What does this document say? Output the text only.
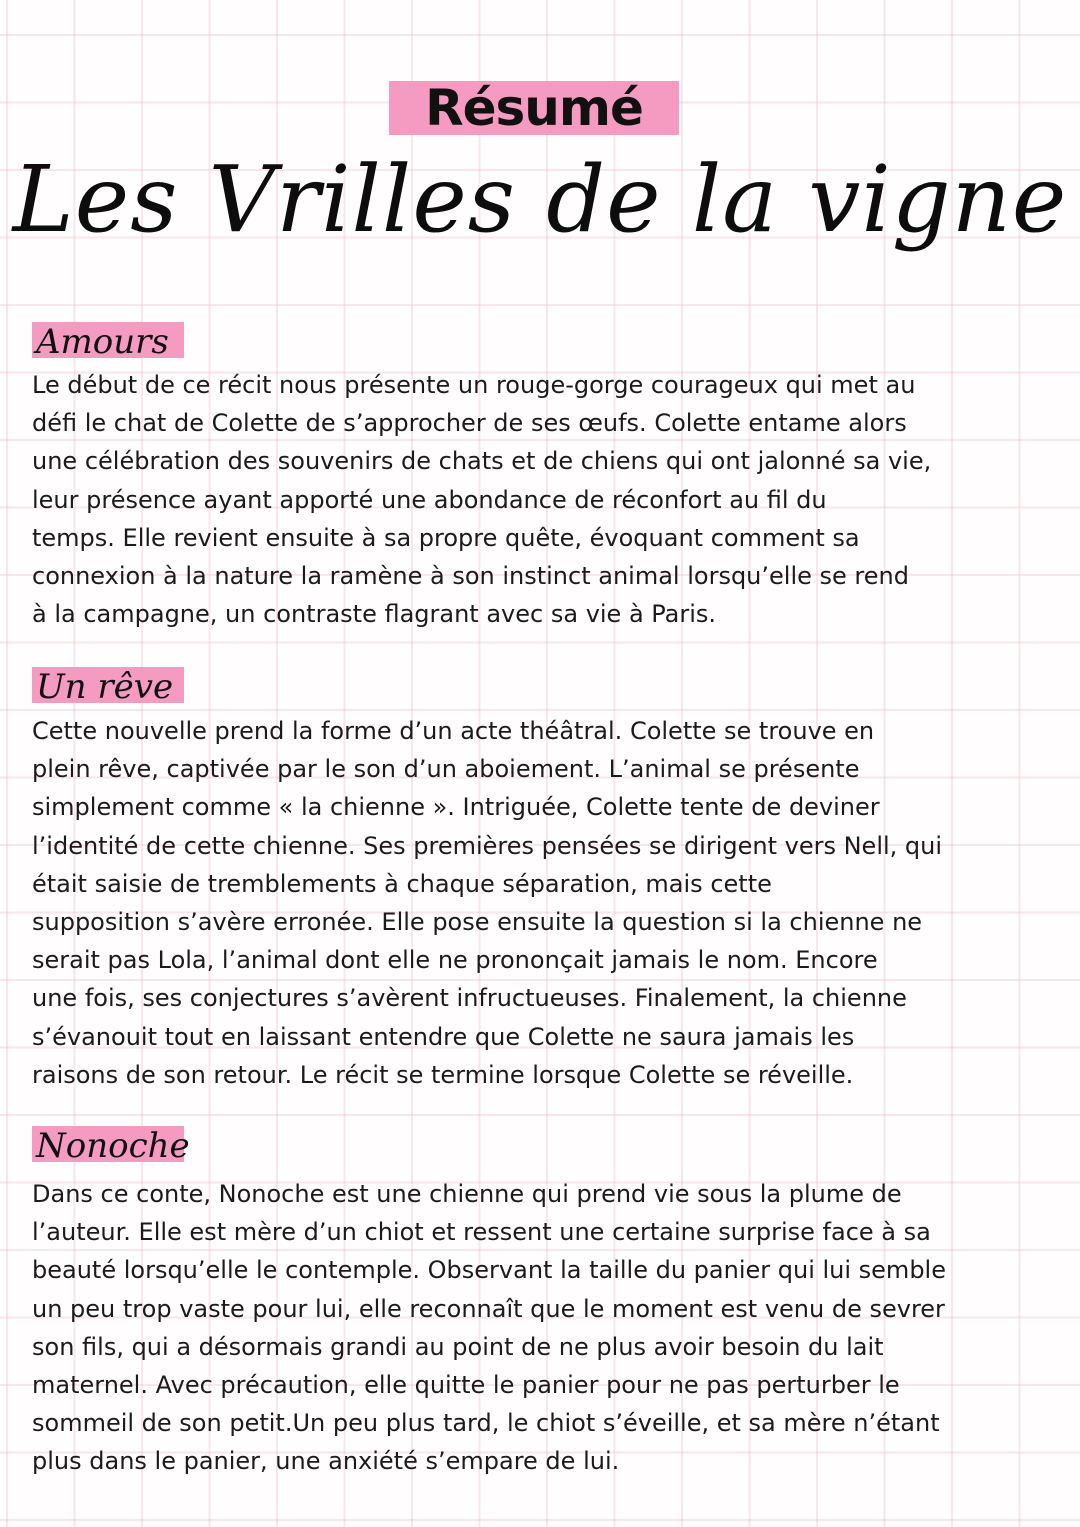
Résumé
Les Vrilles de la vigne
Amours
Le début de ce récit nous présente un rouge-gorge courageux qui met au
défi le chat de Colette de s’approcher de ses œufs. Colette entame alors
une célébration des souvenirs de chats et de chiens qui ont jalonné sa vie,
leur présence ayant apporté une abondance de réconfort au fil du
temps. Elle revient ensuite à sa propre quête, évoquant comment sa
connexion à la nature la ramène à son instinct animal lorsqu’elle se rend
à la campagne, un contraste flagrant avec sa vie à Paris.
Un rêve
Cette nouvelle prend la forme d’un acte théâtral. Colette se trouve en
plein rêve, captivée par le son d’un aboiement. L’animal se présente
simplement comme « la chienne ». Intriguée, Colette tente de deviner
l’identité de cette chienne. Ses premières pensées se dirigent vers Nell, qui
était saisie de tremblements à chaque séparation, mais cette
supposition s’avère erronée. Elle pose ensuite la question si la chienne ne
serait pas Lola, l’animal dont elle ne prononçait jamais le nom. Encore
une fois, ses conjectures s’avèrent infructueuses. Finalement, la chienne
s’évanouit tout en laissant entendre que Colette ne saura jamais les
raisons de son retour. Le récit se termine lorsque Colette se réveille.
Nonoche
Dans ce conte, Nonoche est une chienne qui prend vie sous la plume de
l’auteur. Elle est mère d’un chiot et ressent une certaine surprise face à sa
beauté lorsqu’elle le contemple. Observant la taille du panier qui lui semble
un peu trop vaste pour lui, elle reconnaît que le moment est venu de sevrer
son fils, qui a désormais grandi au point de ne plus avoir besoin du lait
maternel. Avec précaution, elle quitte le panier pour ne pas perturber le
sommeil de son petit.Un peu plus tard, le chiot s’éveille, et sa mère n’étant
plus dans le panier, une anxiété s’empare de lui.
